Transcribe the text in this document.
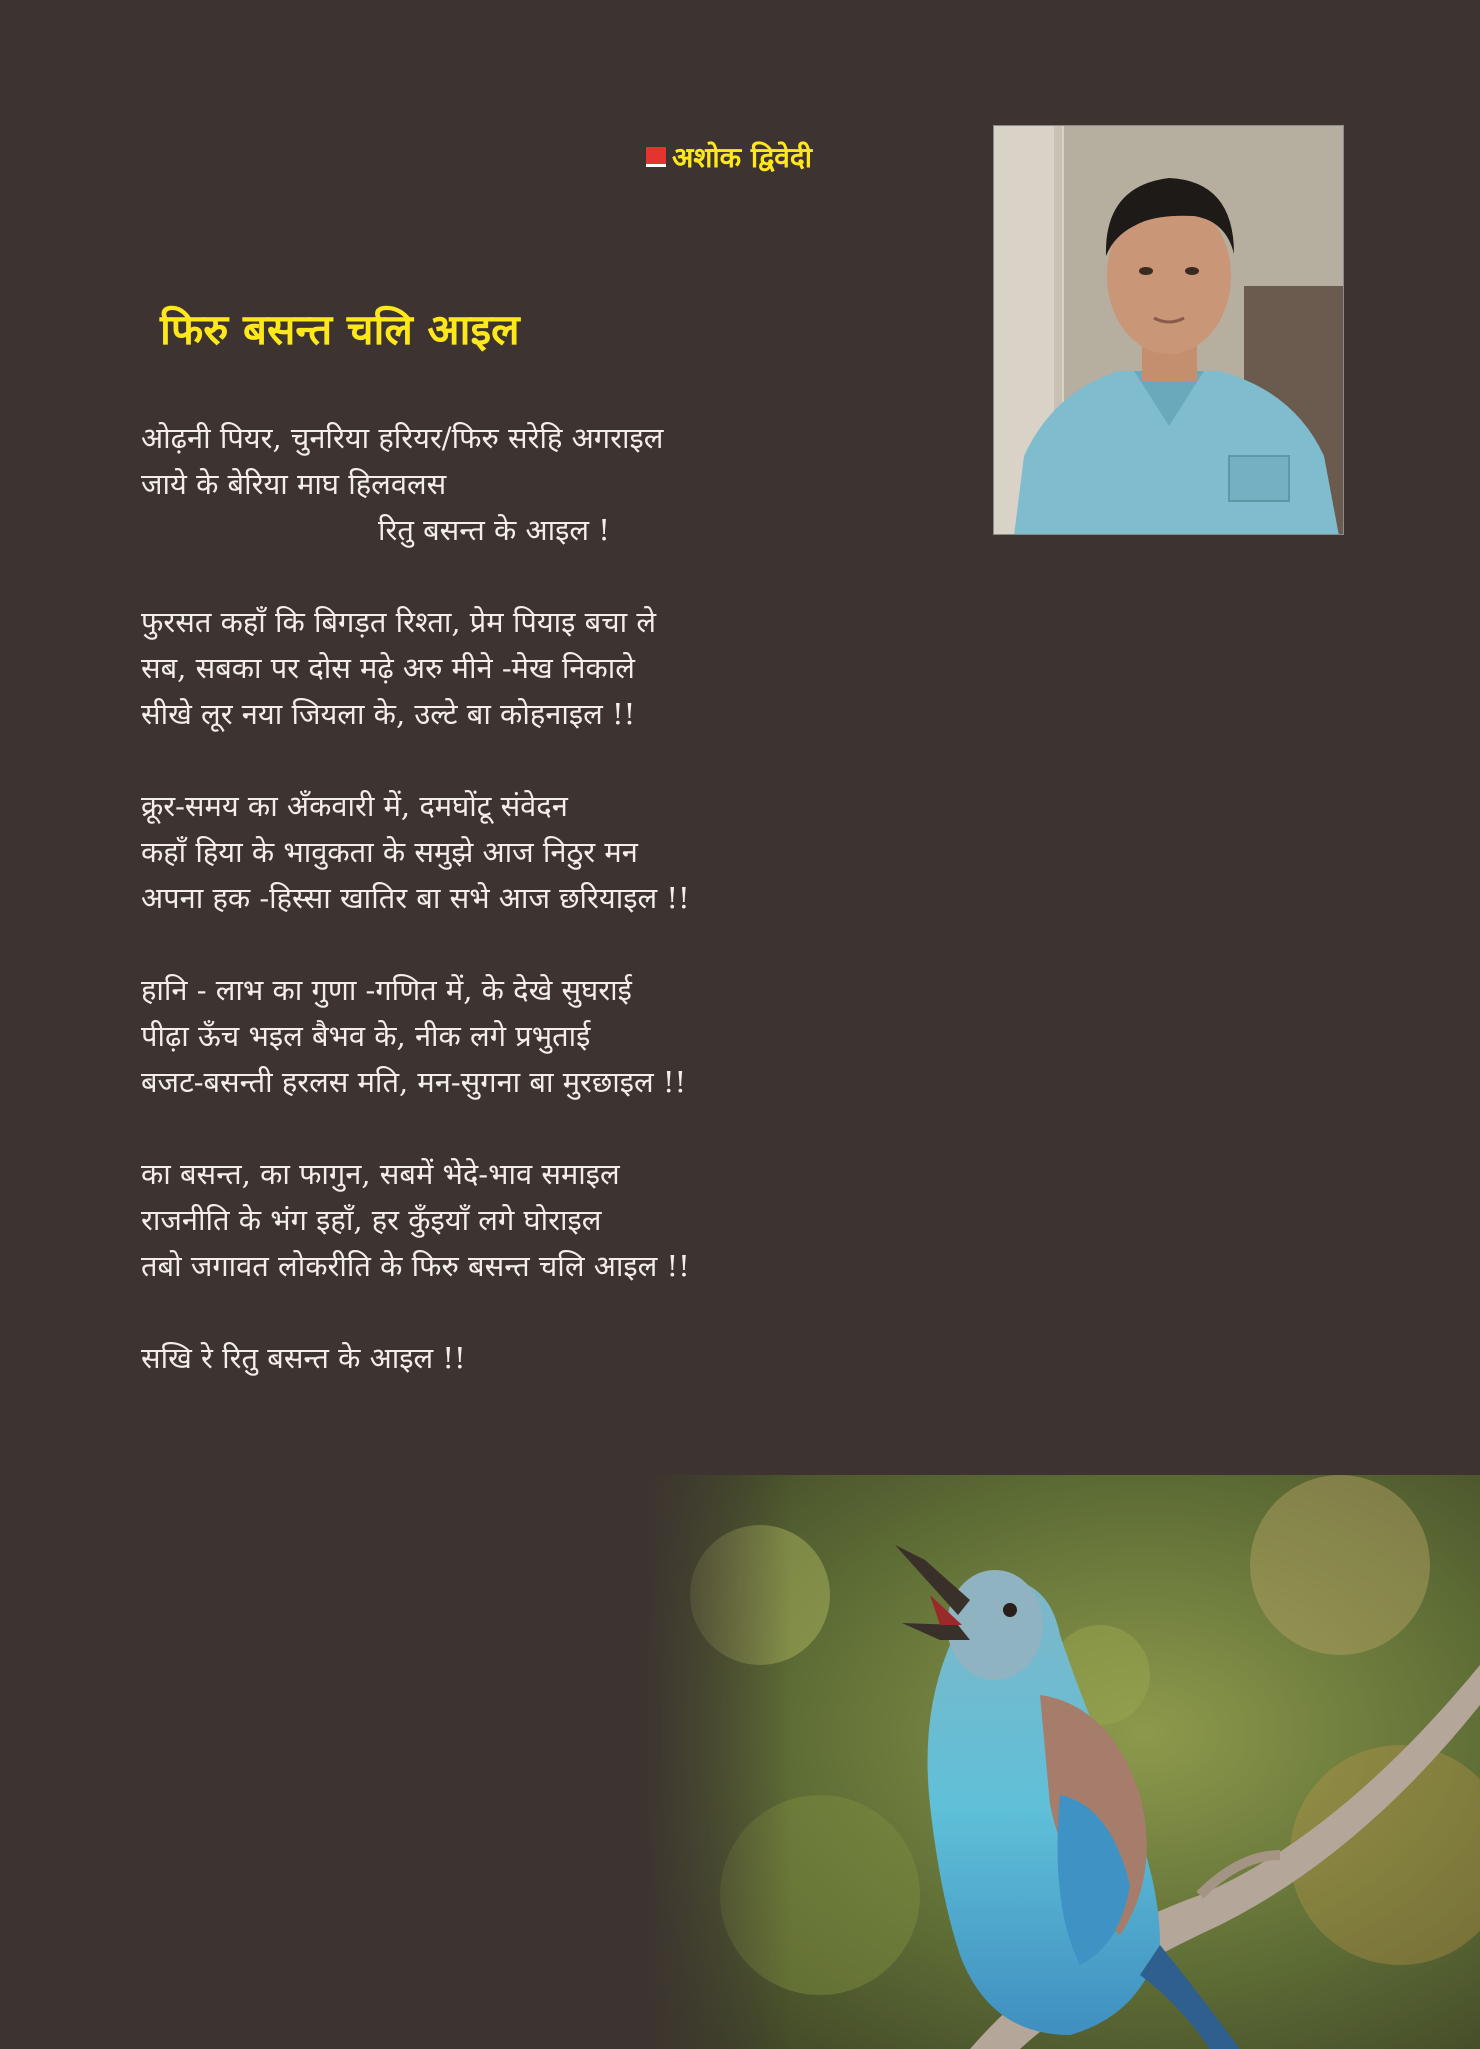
अशोक द्विवेदी
फिरु बसन्त चलि आइल
ओढ़नी पियर, चुनरिया हरियर/फिरु सरेहि अगराइल
जाये के बेरिया माघ हिलवलस
रितु बसन्त के आइल !
फुरसत कहाँ कि बिगड़त रिश्ता, प्रेम पियाइ बचा ले
सब, सबका पर दोस मढ़े अरु मीने -मेख निकाले
सीखे लूर नया जियला के, उल्टे बा कोहनाइल !!
क्रूर-समय का अँकवारी में, दमघोंटू संवेदन
कहाँ हिया के भावुकता के समुझे आज निठुर मन
अपना हक -हिस्सा खातिर बा सभे आज छरियाइल !!
हानि - लाभ का गुणा -गणित में, के देखे सुघराई
पीढ़ा ऊँच भइल बैभव के, नीक लगे प्रभुताई
बजट-बसन्ती हरलस मति, मन-सुगना बा मुरछाइल !!
का बसन्त, का फागुन, सबमें भेदे-भाव समाइल
राजनीति के भंग इहाँ, हर कुँइयाँ लगे घोराइल
तबो जगावत लोकरीति के फिरु बसन्त चलि आइल !!
सखि रे रितु बसन्त के आइल !!
